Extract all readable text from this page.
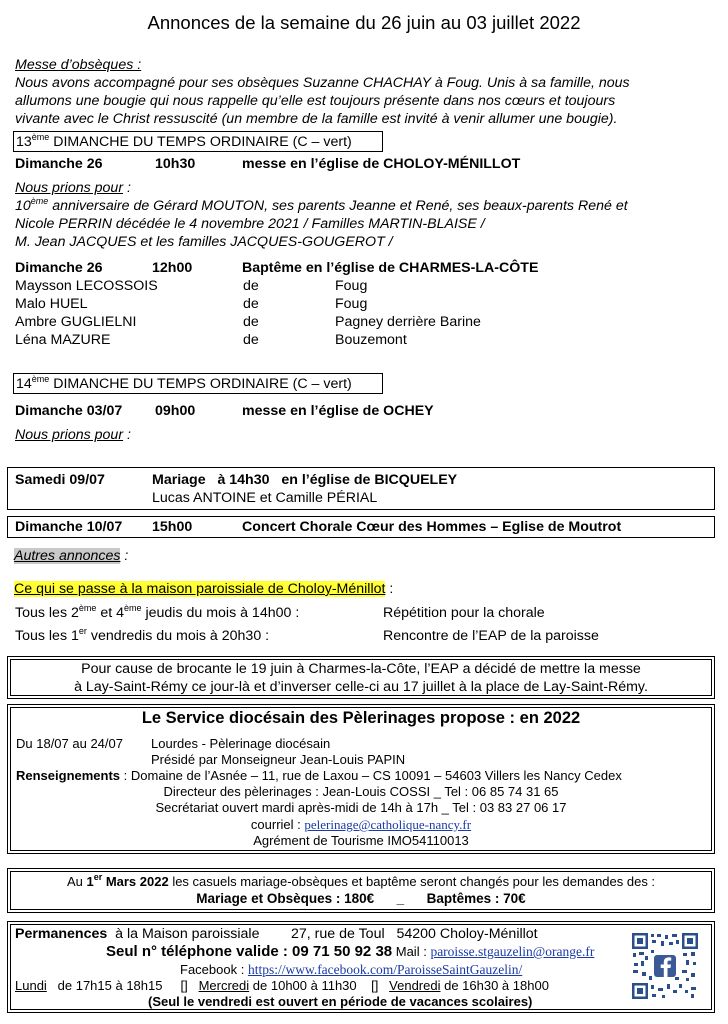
Annonces de la semaine du 26 juin au 03 juillet 2022
Messe d’obsèques :
Nous avons accompagné pour ses obsèques Suzanne CHACHAY à Foug. Unis à sa famille, nous
allumons une bougie qui nous rappelle qu’elle est toujours présente dans nos cœurs et toujours
vivante avec le Christ ressuscité (un membre de la famille est invité à venir allumer une bougie).
13ème DIMANCHE DU TEMPS ORDINAIRE (C – vert)
Dimanche 26	10h30	messe en l’église de CHOLOY-MÉNILLOT
Nous prions pour :
10ème anniversaire de Gérard MOUTON, ses parents Jeanne et René, ses beaux-parents René et
Nicole PERRIN décédée le 4 novembre 2021 / Familles MARTIN-BLAISE /
M. Jean JACQUES et les familles JACQUES-GOUGEROT /
Dimanche 26	12h00	Baptême en l’église de CHARMES-LA-CÔTE
Maysson LECOSSOIS	de	Foug
Malo HUEL	de	Foug
Ambre GUGLIELNI	de	Pagney derrière Barine
Léna MAZURE	de	Bouzemont
14ème DIMANCHE DU TEMPS ORDINAIRE (C – vert)
Dimanche 03/07 09h00	messe en l’église de OCHEY
Nous prions pour :
Samedi 09/07	Mariage   à 14h30   en l’église de BICQUELEY
Lucas ANTOINE et Camille PÉRIAL
Dimanche 10/07 15h00	Concert Chorale Cœur des Hommes – Eglise de Moutrot
Autres annonces :
Ce qui se passe à la maison paroissiale de Choloy-Ménillot :
Tous les 2ème et 4ème jeudis du mois à 14h00 :	Répétition pour la chorale
Tous les 1er vendredis du mois à 20h30 :	Rencontre de l’EAP de la paroisse
Pour cause de brocante le 19 juin à Charmes-la-Côte, l’EAP a décidé de mettre la messe
à Lay-Saint-Rémy ce jour-là et d’inverser celle-ci au 17 juillet à la place de Lay-Saint-Rémy.
Le Service diocésain des Pèlerinages propose : en 2022
Du 18/07 au 24/07 Lourdes - Pèlerinage diocésain
Présidé par Monseigneur Jean-Louis PAPIN
Renseignements : Domaine de l’Asnée – 11, rue de Laxou – CS 10091 – 54603 Villers les Nancy Cedex
Directeur des pèlerinages : Jean-Louis COSSI _ Tel : 06 85 74 31 65
Secrétariat ouvert mardi après-midi de 14h à 17h _ Tel : 03 83 27 06 17
courriel : pelerinage@catholique-nancy.fr
Agrément de Tourisme IMO54110013
Au 1er Mars 2022 les casuels mariage-obsèques et baptême seront changés pour les demandes des :
Mariage et Obsèques : 180€      _      Baptêmes : 70€
Permanences  à la Maison paroissiale        27, rue de Toul   54200 Choloy-Ménillot
Seul n° téléphone valide : 09 71 50 92 38 Mail : paroisse.stgauzelin@orange.fr
Facebook : https://www.facebook.com/ParoisseSaintGauzelin/
Lundi   de 17h15 à 18h15     []   Mercredi de 10h00 à 11h30    []   Vendredi de 16h30 à 18h00
(Seul le vendredi est ouvert en période de vacances scolaires)
